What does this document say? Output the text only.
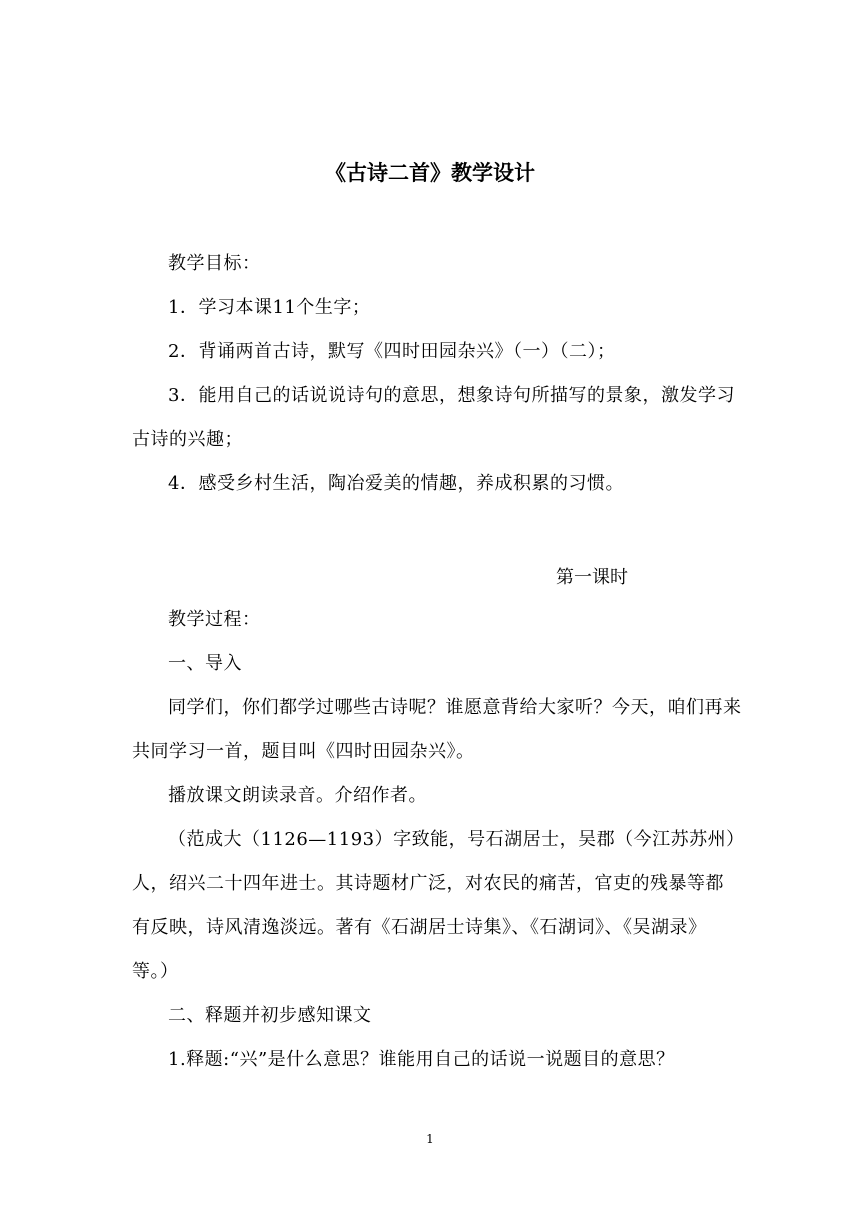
《古诗二首》教学设计
教学目标：
1．学习本课11个生字；
2．背诵两首古诗，默写《四时田园杂兴》（一）（二）；
3．能用自己的话说说诗句的意思，想象诗句所描写的景象，激发学习古诗的兴趣；
4．感受乡村生活，陶冶爱美的情趣，养成积累的习惯。
第一课时
教学过程：
一、导入
同学们，你们都学过哪些古诗呢？谁愿意背给大家听？今天，咱们再来共同学习一首，题目叫《四时田园杂兴》。
播放课文朗读录音。介绍作者。
（范成大（1126—1193）字致能，号石湖居士，吴郡（今江苏苏州）人，绍兴二十四年进士。其诗题材广泛，对农民的痛苦，官吏的残暴等都有反映，诗风清逸淡远。著有《石湖居士诗集》、《石湖词》、《吴湖录》等。）
二、释题并初步感知课文
1.释题:“兴”是什么意思？谁能用自己的话说一说题目的意思？
1
